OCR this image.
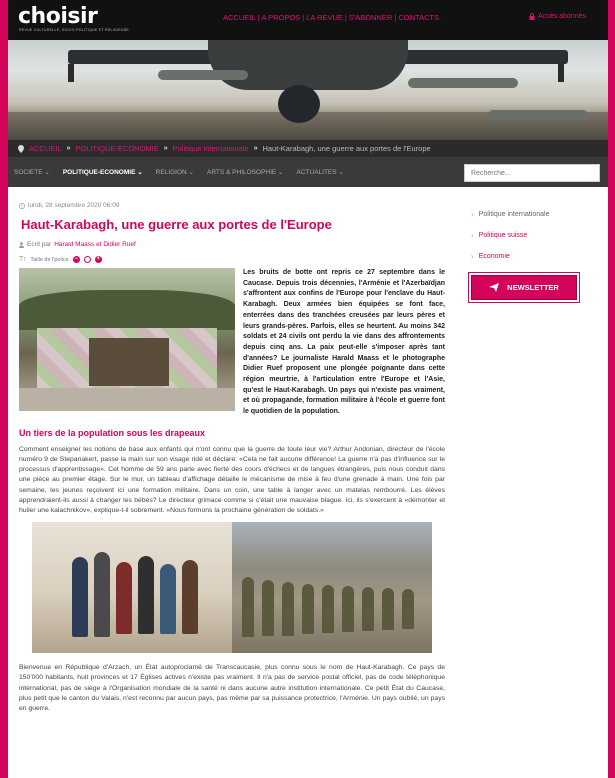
choisir
REVUE CULTURELLE, SOCIO-POLITIQUE ET RELIGIEUSE
ACCUEIL | A PROPOS | LA REVUE | S'ABONNER | CONTACTS	Accès abonnés
ACCUEIL » POLITIQUE-ECONOMIE » Politique internationale » Haut-Karabagh, une guerre aux portes de l'Europe
SOCIETE ⌄ POLITIQUE-ECONOMIE ⌄ RELIGION ⌄ ARTS & PHILOSOPHIE ⌄ ACTUALITES ⌄
Recherche...
lundi, 28 septembre 2020 06:09
Haut-Karabagh, une guerre aux portes de l'Europe
Ecrit par Harald Maass et Didier Ruef
TT Taille de l'police −	+

Les bruits de botte ont repris ce 27 septembre dans le Caucase. Depuis trois décennies, l'Arménie et l'Azerbaïdjan s'affrontent aux confins de l'Europe pour l'enclave du Haut-Karabagh. Deux armées bien équipées se font face, enterrées dans des tranchées creusées par leurs pères et leurs grands-pères. Parfois, elles se heurtent. Au moins 342 soldats et 24 civils ont perdu la vie dans des affrontements depuis cinq ans. La paix peut-elle s'imposer après tant d'années? Le journaliste Harald Maass et le photographe Didier Ruef proposent une plongée poignante dans cette région meurtrie, à l'articulation entre l'Europe et l'Asie, qu'est le Haut-Karabagh. Un pays qui n'existe pas vraiment, et où propagande, formation militaire à l'école et guerre font le quotidien de la population.

Un tiers de la population sous les drapeaux

Comment enseigner les notions de base aux enfants qui n'ont connu que la guerre de toute leur vie? Arthur Andonian, directeur de l'école numéro 9 de Stepanakert, passe la main sur son visage ridé et déclare: «Cela ne fait aucune différence! La guerre n'a pas d'influence sur le processus d'apprentissage». Cet homme de 59 ans parle avec fierté des cours d'échecs et de langues étrangères, puis nous conduit dans une pièce au premier étage. Sur le mur, un tableau d'affichage détaille le mécanisme de mise à feu d'une grenade à main. Une fois par semaine, les jeunes reçoivent ici une formation militaire. Dans un coin, une table à langer avec un matelas rembourré. Les élèves apprendraient-ils aussi à changer les bébés? Le directeur grimace comme si c'était une mauvaise blague. Ici, ils s'exercent à «démonter et huiler une kalachnikov», explique-t-il sobrement. «Nous formons la prochaine génération de soldats.»

Bienvenue en République d'Arzach, un État autoproclamé de Transcaucasie, plus connu sous le nom de Haut-Karabagh. Ce pays de 150'000 habitants, huit provinces et 17 Églises actives n'existe pas vraiment. Il n'a pas de service postal officiel, pas de code téléphonique international, pas de siège à l'Organisation mondiale de la santé ni dans aucune autre institution internationale. Ce petit État du Caucase, plus petit que le canton du Valais, n'est reconnu par aucun pays, pas même par sa puissance protectrice, l'Arménie. Un pays oublié, un pays en guerre.

› Politique internationale
› Politique suisse
› Economie
NEWSLETTER
